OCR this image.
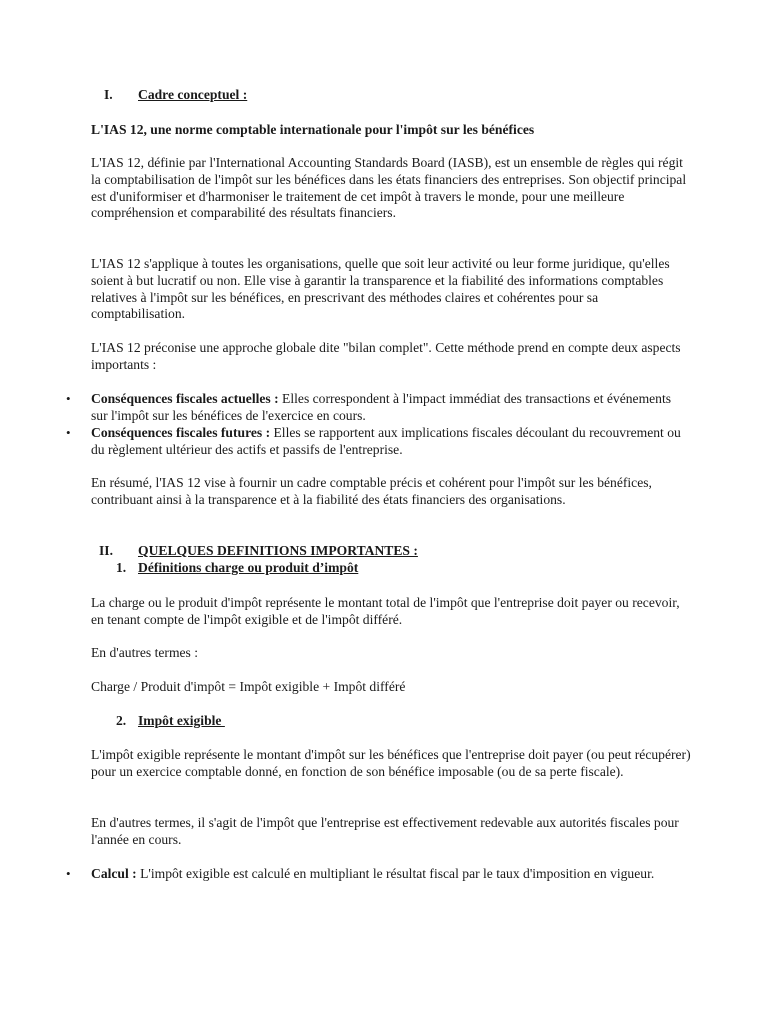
I. Cadre conceptuel :

L'IAS 12, une norme comptable internationale pour l'impôt sur les bénéfices

L'IAS 12, définie par l'International Accounting Standards Board (IASB), est un ensemble de règles qui régit la comptabilisation de l'impôt sur les bénéfices dans les états financiers des entreprises. Son objectif principal est d'uniformiser et d'harmoniser le traitement de cet impôt à travers le monde, pour une meilleure compréhension et comparabilité des résultats financiers.

L'IAS 12 s'applique à toutes les organisations, quelle que soit leur activité ou leur forme juridique, qu'elles soient à but lucratif ou non. Elle vise à garantir la transparence et la fiabilité des informations comptables relatives à l'impôt sur les bénéfices, en prescrivant des méthodes claires et cohérentes pour sa comptabilisation.

L'IAS 12 préconise une approche globale dite "bilan complet". Cette méthode prend en compte deux aspects importants :

• Conséquences fiscales actuelles : Elles correspondent à l'impact immédiat des transactions et événements sur l'impôt sur les bénéfices de l'exercice en cours.

• Conséquences fiscales futures : Elles se rapportent aux implications fiscales découlant du recouvrement ou du règlement ultérieur des actifs et passifs de l'entreprise.

En résumé, l'IAS 12 vise à fournir un cadre comptable précis et cohérent pour l'impôt sur les bénéfices, contribuant ainsi à la transparence et à la fiabilité des états financiers des organisations.

II. QUELQUES DEFINITIONS IMPORTANTES :
1. Définitions charge ou produit d’impôt

La charge ou le produit d'impôt représente le montant total de l'impôt que l'entreprise doit payer ou recevoir, en tenant compte de l'impôt exigible et de l'impôt différé.

En d'autres termes :

Charge / Produit d'impôt = Impôt exigible + Impôt différé

2. Impôt exigible

L'impôt exigible représente le montant d'impôt sur les bénéfices que l'entreprise doit payer (ou peut récupérer) pour un exercice comptable donné, en fonction de son bénéfice imposable (ou de sa perte fiscale).

En d'autres termes, il s'agit de l'impôt que l'entreprise est effectivement redevable aux autorités fiscales pour l'année en cours.

• Calcul : L'impôt exigible est calculé en multipliant le résultat fiscal par le taux d'imposition en vigueur.
